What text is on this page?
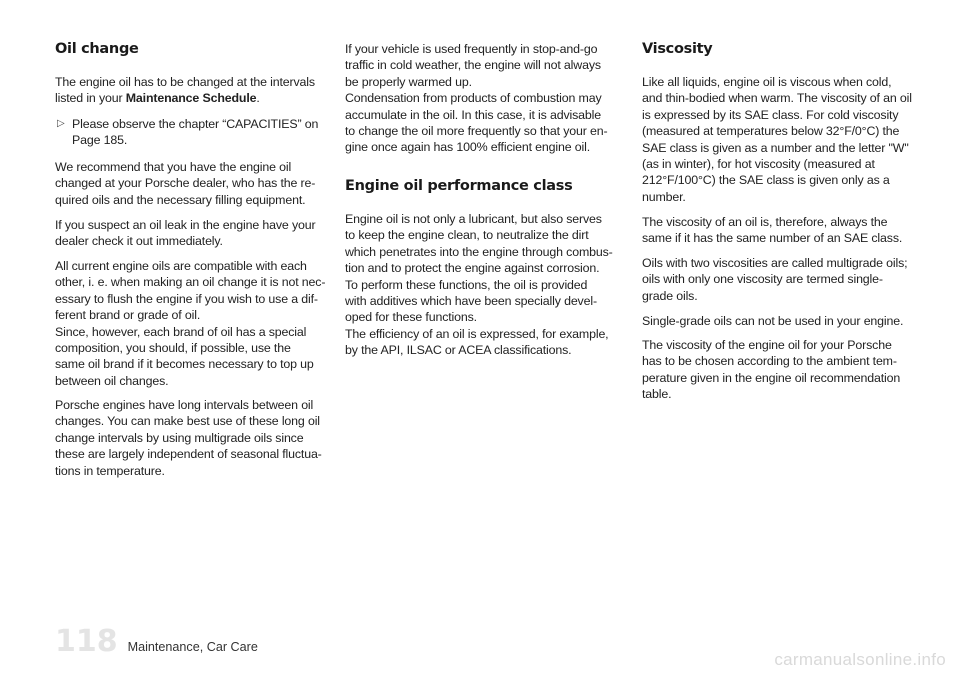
Oil change

The engine oil has to be changed at the intervals
listed in your Maintenance Schedule.

▷ Please observe the chapter “CAPACITIES” on
Page 185.

We recommend that you have the engine oil
changed at your Porsche dealer, who has the re-
quired oils and the necessary filling equipment.

If you suspect an oil leak in the engine have your
dealer check it out immediately.

All current engine oils are compatible with each
other, i. e. when making an oil change it is not nec-
essary to flush the engine if you wish to use a dif-
ferent brand or grade of oil.
Since, however, each brand of oil has a special
composition, you should, if possible, use the
same oil brand if it becomes necessary to top up
between oil changes.

Porsche engines have long intervals between oil
changes. You can make best use of these long oil
change intervals by using multigrade oils since
these are largely independent of seasonal fluctua-
tions in temperature.

If your vehicle is used frequently in stop-and-go
traffic in cold weather, the engine will not always
be properly warmed up.
Condensation from products of combustion may
accumulate in the oil. In this case, it is advisable
to change the oil more frequently so that your en-
gine once again has 100% efficient engine oil.

Engine oil performance class

Engine oil is not only a lubricant, but also serves
to keep the engine clean, to neutralize the dirt
which penetrates into the engine through combus-
tion and to protect the engine against corrosion.
To perform these functions, the oil is provided
with additives which have been specially devel-
oped for these functions.
The efficiency of an oil is expressed, for example,
by the API, ILSAC or ACEA classifications.

Viscosity

Like all liquids, engine oil is viscous when cold,
and thin-bodied when warm. The viscosity of an oil
is expressed by its SAE class. For cold viscosity
(measured at temperatures below 32°F/0°C) the
SAE class is given as a number and the letter "W"
(as in winter), for hot viscosity (measured at
212°F/100°C) the SAE class is given only as a
number.

The viscosity of an oil is, therefore, always the
same if it has the same number of an SAE class.

Oils with two viscosities are called multigrade oils;
oils with only one viscosity are termed single-
grade oils.

Single-grade oils can not be used in your engine.

The viscosity of the engine oil for your Porsche
has to be chosen according to the ambient tem-
perature given in the engine oil recommendation
table.

118 Maintenance, Car Care
carmanualsonline.info
